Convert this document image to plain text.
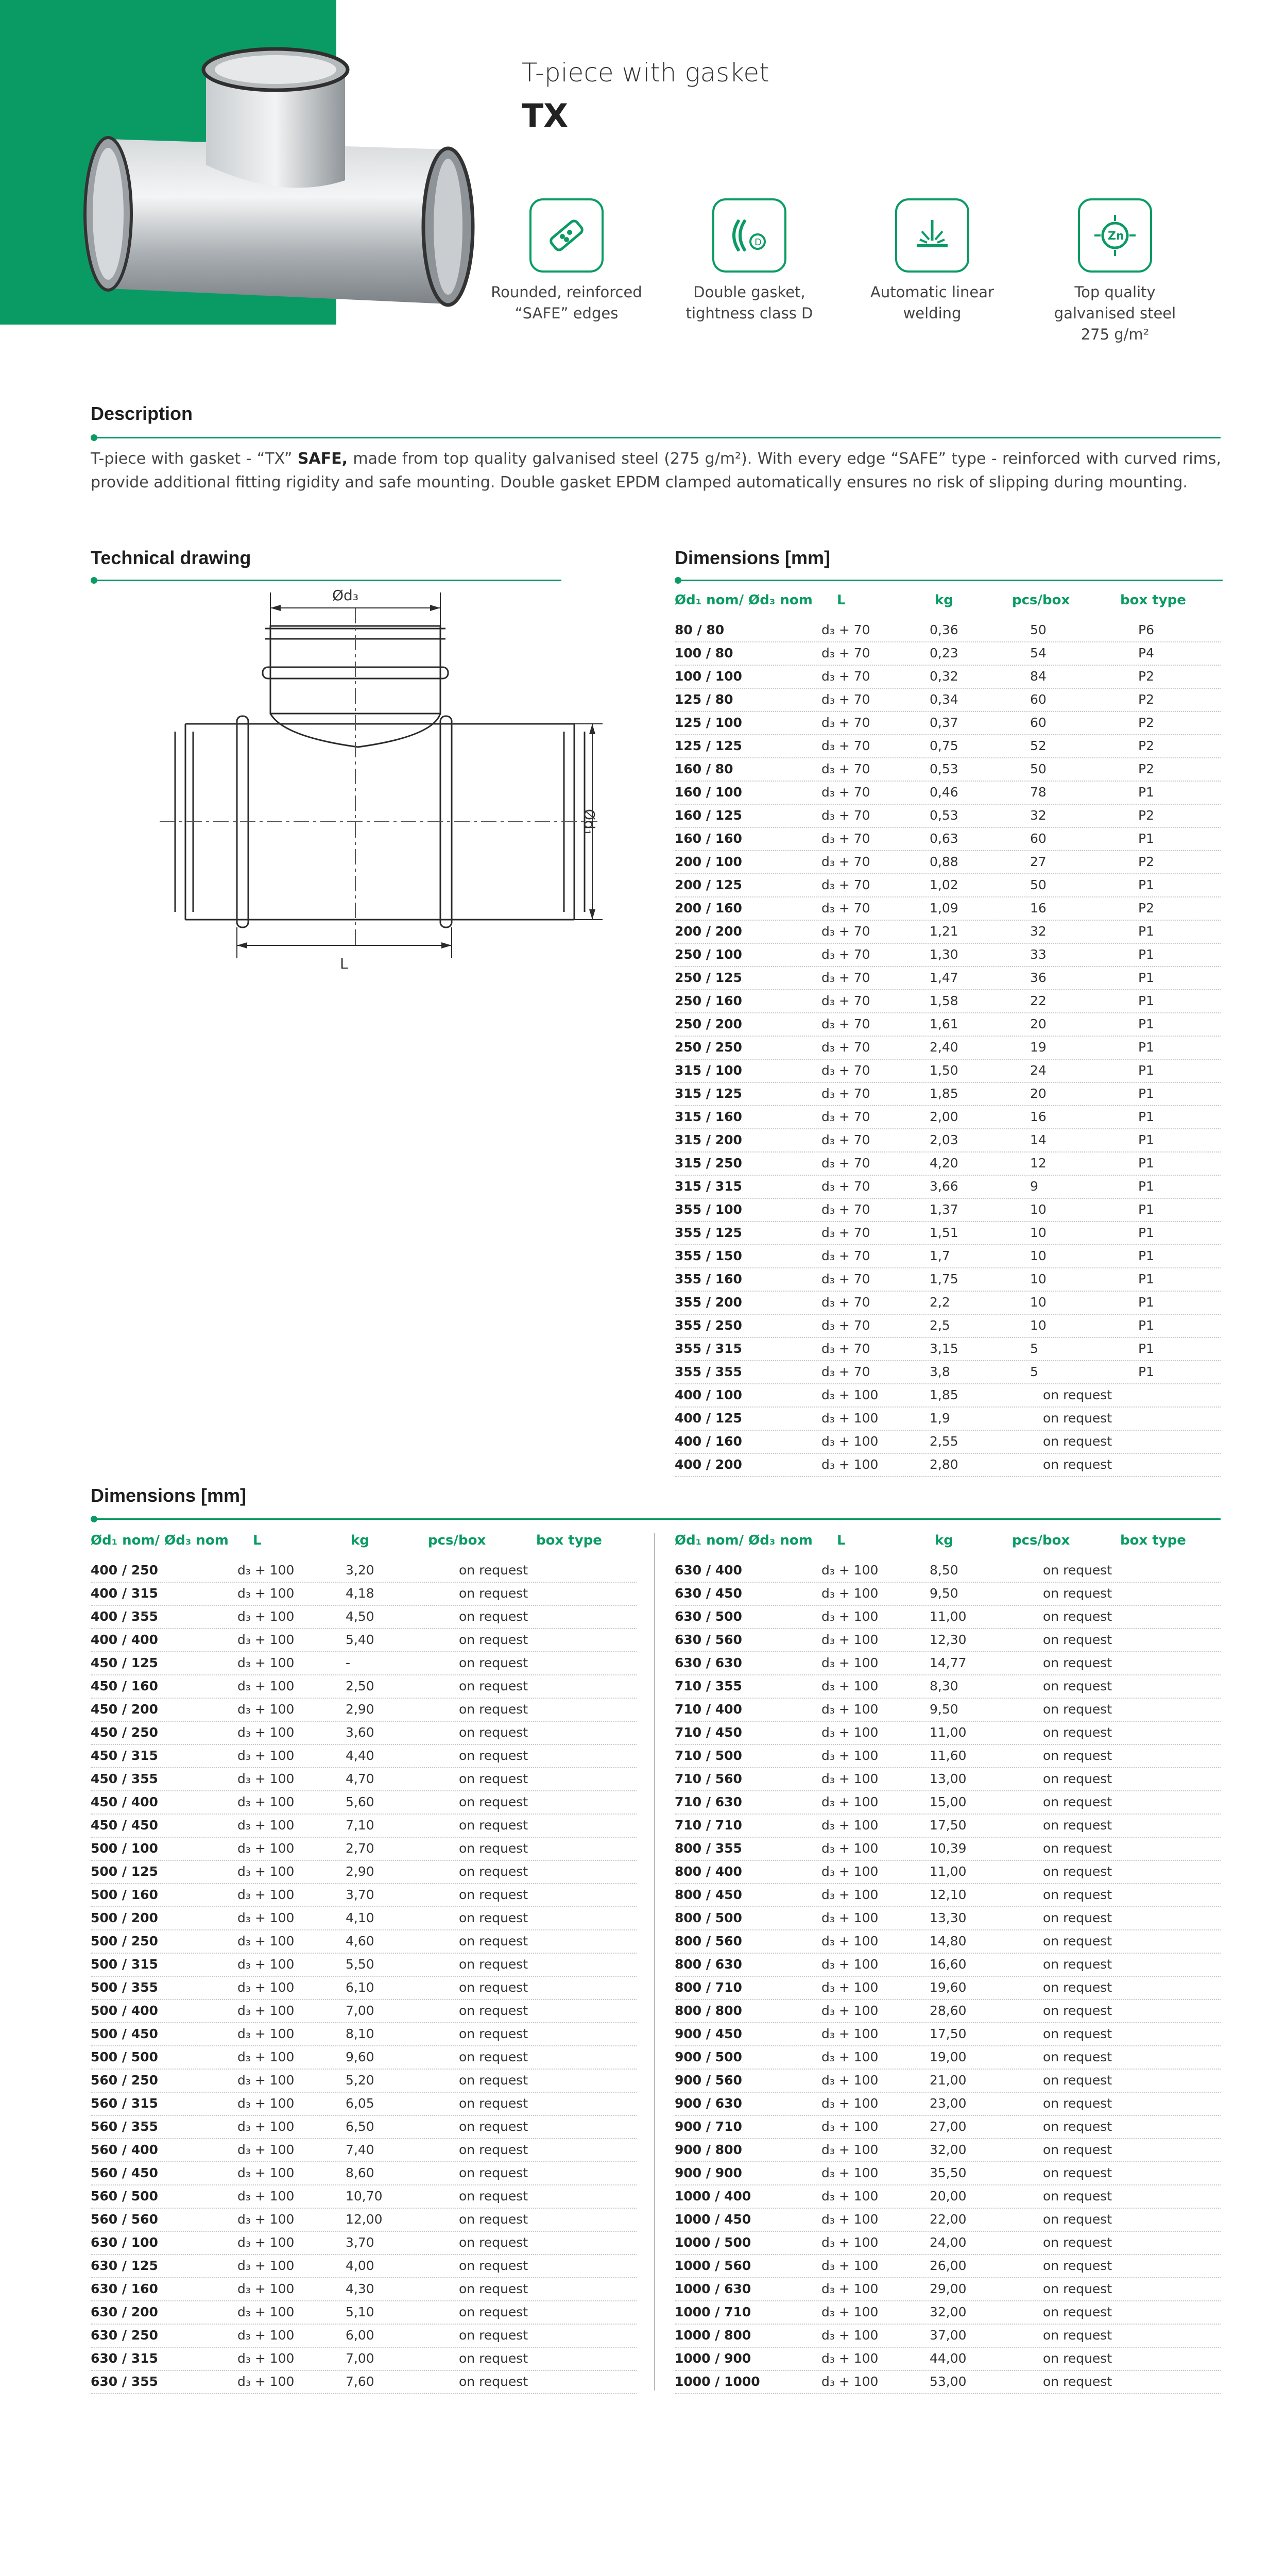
T-piece with gasket
TX
Rounded, reinforced
“SAFE” edges
D
Double gasket,
tightness class D
Automatic linear
welding
Zn
Top quality
galvanised steel
275 g/m²
Description
T-piece with gasket - “TX” SAFE, made from top quality galvanised steel (275 g/m²). With every edge “SAFE” type - reinforced with curved rims, provide additional fitting rigidity and safe mounting. Double gasket EPDM clamped automatically ensures no risk of slipping during mounting.
Technical drawing
Ød₃
L
Ød₁
Dimensions [mm]
Ød₁ nom/ Ød₃ nom L	kg	pcs/box	box type
80 / 80	d₃ + 70	0,36	50	P6
100 / 80	d₃ + 70	0,23	54	P4
100 / 100	d₃ + 70	0,32	84	P2
125 / 80	d₃ + 70	0,34	60	P2
125 / 100	d₃ + 70	0,37	60	P2
125 / 125	d₃ + 70	0,75	52	P2
160 / 80	d₃ + 70	0,53	50	P2
160 / 100	d₃ + 70	0,46	78	P1
160 / 125	d₃ + 70	0,53	32	P2
160 / 160	d₃ + 70	0,63	60	P1
200 / 100	d₃ + 70	0,88	27	P2
200 / 125	d₃ + 70	1,02	50	P1
200 / 160	d₃ + 70	1,09	16	P2
200 / 200	d₃ + 70	1,21	32	P1
250 / 100	d₃ + 70	1,30	33	P1
250 / 125	d₃ + 70	1,47	36	P1
250 / 160	d₃ + 70	1,58	22	P1
250 / 200	d₃ + 70	1,61	20	P1
250 / 250	d₃ + 70	2,40	19	P1
315 / 100	d₃ + 70	1,50	24	P1
315 / 125	d₃ + 70	1,85	20	P1
315 / 160	d₃ + 70	2,00	16	P1
315 / 200	d₃ + 70	2,03	14	P1
315 / 250	d₃ + 70	4,20	12	P1
315 / 315	d₃ + 70	3,66	9	P1
355 / 100	d₃ + 70	1,37	10	P1
355 / 125	d₃ + 70	1,51	10	P1
355 / 150	d₃ + 70	1,7	10	P1
355 / 160	d₃ + 70	1,75	10	P1
355 / 200	d₃ + 70	2,2	10	P1
355 / 250	d₃ + 70	2,5	10	P1
355 / 315	d₃ + 70	3,15	5	P1
355 / 355	d₃ + 70	3,8	5	P1
400 / 100	d₃ + 100	1,85	on request
400 / 125	d₃ + 100	1,9	on request
400 / 160	d₃ + 100	2,55	on request
400 / 200	d₃ + 100	2,80	on request
Dimensions [mm]
Ød₁ nom/ Ød₃ nom L	kg	pcs/box	box type
400 / 250	d₃ + 100	3,20	on request
400 / 315	d₃ + 100	4,18	on request
400 / 355	d₃ + 100	4,50	on request
400 / 400	d₃ + 100	5,40	on request
450 / 125	d₃ + 100	-	on request
450 / 160	d₃ + 100	2,50	on request
450 / 200	d₃ + 100	2,90	on request
450 / 250	d₃ + 100	3,60	on request
450 / 315	d₃ + 100	4,40	on request
450 / 355	d₃ + 100	4,70	on request
450 / 400	d₃ + 100	5,60	on request
450 / 450	d₃ + 100	7,10	on request
500 / 100	d₃ + 100	2,70	on request
500 / 125	d₃ + 100	2,90	on request
500 / 160	d₃ + 100	3,70	on request
500 / 200	d₃ + 100	4,10	on request
500 / 250	d₃ + 100	4,60	on request
500 / 315	d₃ + 100	5,50	on request
500 / 355	d₃ + 100	6,10	on request
500 / 400	d₃ + 100	7,00	on request
500 / 450	d₃ + 100	8,10	on request
500 / 500	d₃ + 100	9,60	on request
560 / 250	d₃ + 100	5,20	on request
560 / 315	d₃ + 100	6,05	on request
560 / 355	d₃ + 100	6,50	on request
560 / 400	d₃ + 100	7,40	on request
560 / 450	d₃ + 100	8,60	on request
560 / 500	d₃ + 100	10,70	on request
560 / 560	d₃ + 100	12,00	on request
630 / 100	d₃ + 100	3,70	on request
630 / 125	d₃ + 100	4,00	on request
630 / 160	d₃ + 100	4,30	on request
630 / 200	d₃ + 100	5,10	on request
630 / 250	d₃ + 100	6,00	on request
630 / 315	d₃ + 100	7,00	on request
630 / 355	d₃ + 100	7,60	on request
Ød₁ nom/ Ød₃ nom L	kg	pcs/box	box type
630 / 400	d₃ + 100	8,50	on request
630 / 450	d₃ + 100	9,50	on request
630 / 500	d₃ + 100	11,00	on request
630 / 560	d₃ + 100	12,30	on request
630 / 630	d₃ + 100	14,77	on request
710 / 355	d₃ + 100	8,30	on request
710 / 400	d₃ + 100	9,50	on request
710 / 450	d₃ + 100	11,00	on request
710 / 500	d₃ + 100	11,60	on request
710 / 560	d₃ + 100	13,00	on request
710 / 630	d₃ + 100	15,00	on request
710 / 710	d₃ + 100	17,50	on request
800 / 355	d₃ + 100	10,39	on request
800 / 400	d₃ + 100	11,00	on request
800 / 450	d₃ + 100	12,10	on request
800 / 500	d₃ + 100	13,30	on request
800 / 560	d₃ + 100	14,80	on request
800 / 630	d₃ + 100	16,60	on request
800 / 710	d₃ + 100	19,60	on request
800 / 800	d₃ + 100	28,60	on request
900 / 450	d₃ + 100	17,50	on request
900 / 500	d₃ + 100	19,00	on request
900 / 560	d₃ + 100	21,00	on request
900 / 630	d₃ + 100	23,00	on request
900 / 710	d₃ + 100	27,00	on request
900 / 800	d₃ + 100	32,00	on request
900 / 900	d₃ + 100	35,50	on request
1000 / 400	d₃ + 100	20,00	on request
1000 / 450	d₃ + 100	22,00	on request
1000 / 500	d₃ + 100	24,00	on request
1000 / 560	d₃ + 100	26,00	on request
1000 / 630	d₃ + 100	29,00	on request
1000 / 710	d₃ + 100	32,00	on request
1000 / 800	d₃ + 100	37,00	on request
1000 / 900	d₃ + 100	44,00	on request
1000 / 1000	d₃ + 100	53,00	on request
